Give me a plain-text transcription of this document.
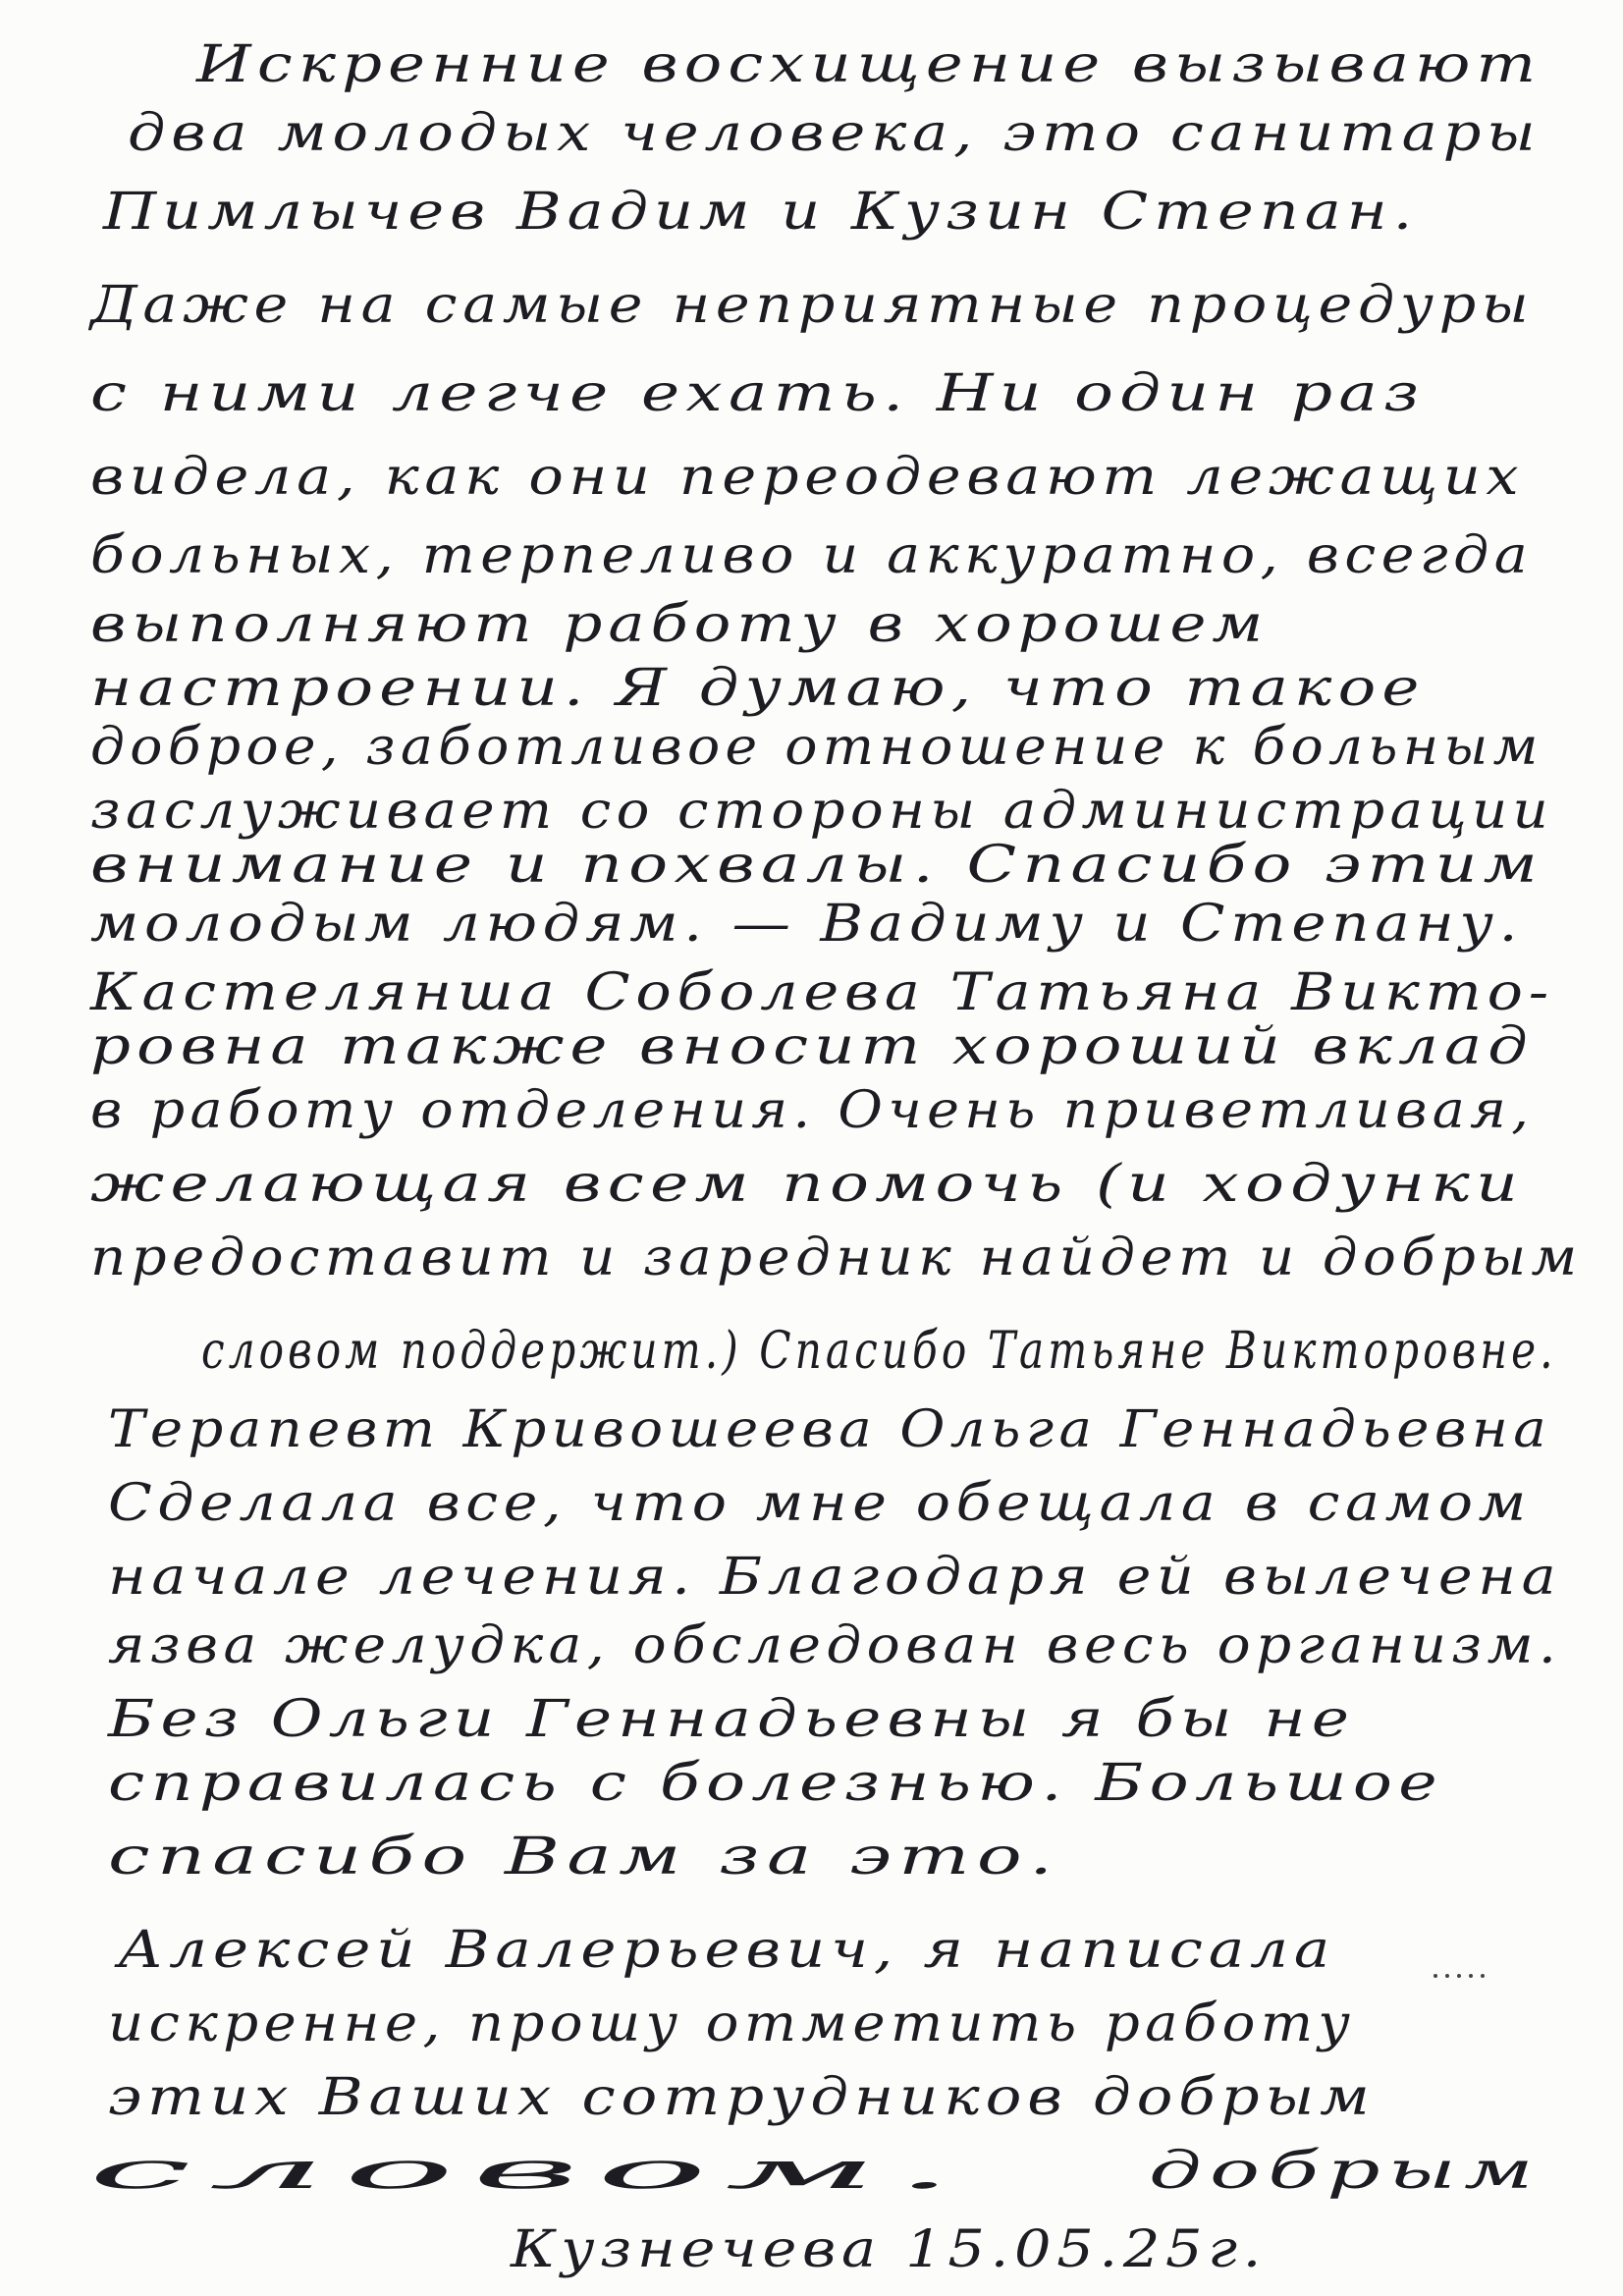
Искренние восхищение вызывают
два молодых человека, это санитары
Пимлычев Вадим и Кузин Степан.
Даже на самые неприятные процедуры
с ними легче ехать. Ни один раз
видела, как они переодевают лежащих
больных, терпеливо и аккуратно, всегда
выполняют работу в хорошем
настроении. Я думаю, что такое
доброе, заботливое отношение к больным
заслуживает со стороны администрации
внимание и похвалы. Спасибо этим
молодым людям. — Вадиму и Степану.
Кастелянша Соболева Татьяна Викто-
ровна также вносит хороший вклад
в работу отделения. Очень приветливая,
желающая всем помочь (и ходунки
предоставит и заредник найдет и добрым
словом поддержит.) Спасибо Татьяне Викторовне.
Терапевт Кривошеева Ольга Геннадьевна
Сделала все, что мне обещала в самом
начале лечения. Благодаря ей вылечена
язва желудка, обследован весь организм.
Без Ольги Геннадьевны я бы не
справилась с болезнью. Большое
спасибо Вам за это.
Алексей Валерьевич, я написала
искренне, прошу отметить работу
этих Ваших сотрудников добрым
словом.	добрым
Кузнечева 15.05.25г.
